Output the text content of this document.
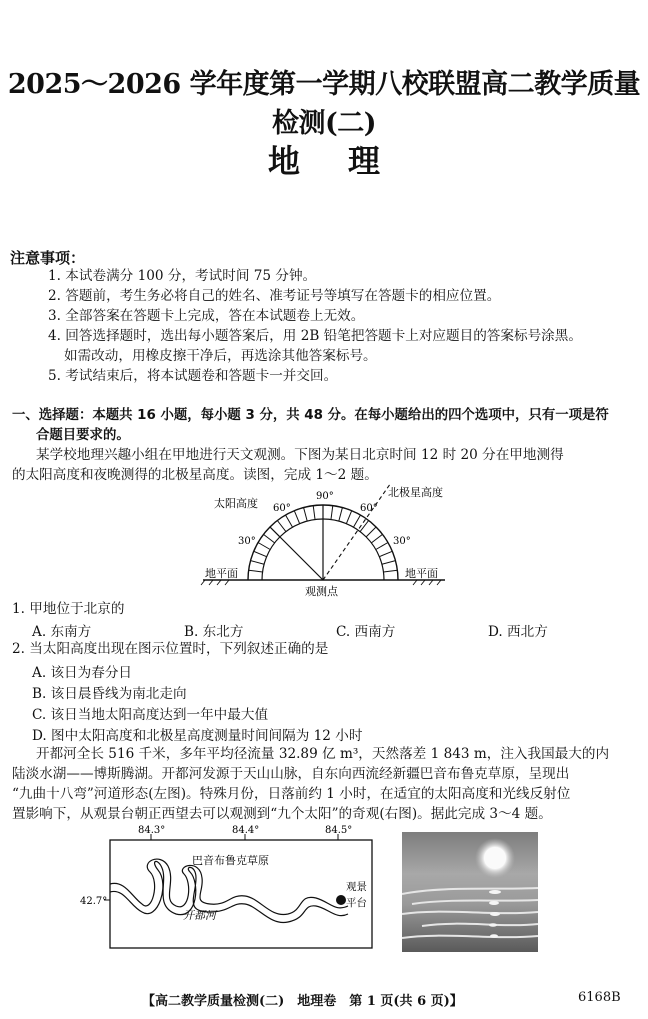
2025～2026 学年度第一学期八校联盟高二教学质量检测(二)
地理
注意事项：
1. 本试卷满分 100 分，考试时间 75 分钟。
2. 答题前，考生务必将自己的姓名、准考证号等填写在答题卡的相应位置。
3. 全部答案在答题卡上完成，答在本试题卷上无效。
4. 回答选择题时，选出每小题答案后，用 2B 铅笔把答题卡上对应题目的答案标号涂黑。
如需改动，用橡皮擦干净后，再选涂其他答案标号。
5. 考试结束后，将本试题卷和答题卡一并交回。
一、选择题：本题共 16 小题，每小题 3 分，共 48 分。在每小题给出的四个选项中，只有一项是符
合题目要求的。
某学校地理兴趣小组在甲地进行天文观测。下图为某日北京时间 12 时 20 分在甲地测得
的太阳高度和夜晚测得的北极星高度。读图，完成 1～2 题。
太阳高度
北极星高度
90°
60°	60°
30°	30°
地平面	地平面
观测点
1. 甲地位于北京的
A. 东南方	B. 东北方	C. 西南方	D. 西北方
2. 当太阳高度出现在图示位置时，下列叙述正确的是
A. 该日为春分日
B. 该日晨昏线为南北走向
C. 该日当地太阳高度达到一年中最大值
D. 图中太阳高度和北极星高度测量时间间隔为 12 小时
开都河全长 516 千米，多年平均径流量 32.89 亿 m³，天然落差 1 843 m，注入我国最大的内
陆淡水湖——博斯腾湖。开都河发源于天山山脉，自东向西流经新疆巴音布鲁克草原，呈现出
“九曲十八弯”河道形态(左图)。特殊月份，日落前约 1 小时，在适宜的太阳高度和光线反射位
置影响下，从观景台朝正西望去可以观测到“九个太阳”的奇观(右图)。据此完成 3～4 题。
84.3°	84.4°	84.5°
42.7°
巴音布鲁克草原
开都河
观景
平台
【高二教学质量检测(二)　地理卷　第 1 页(共 6 页)】	6168B
